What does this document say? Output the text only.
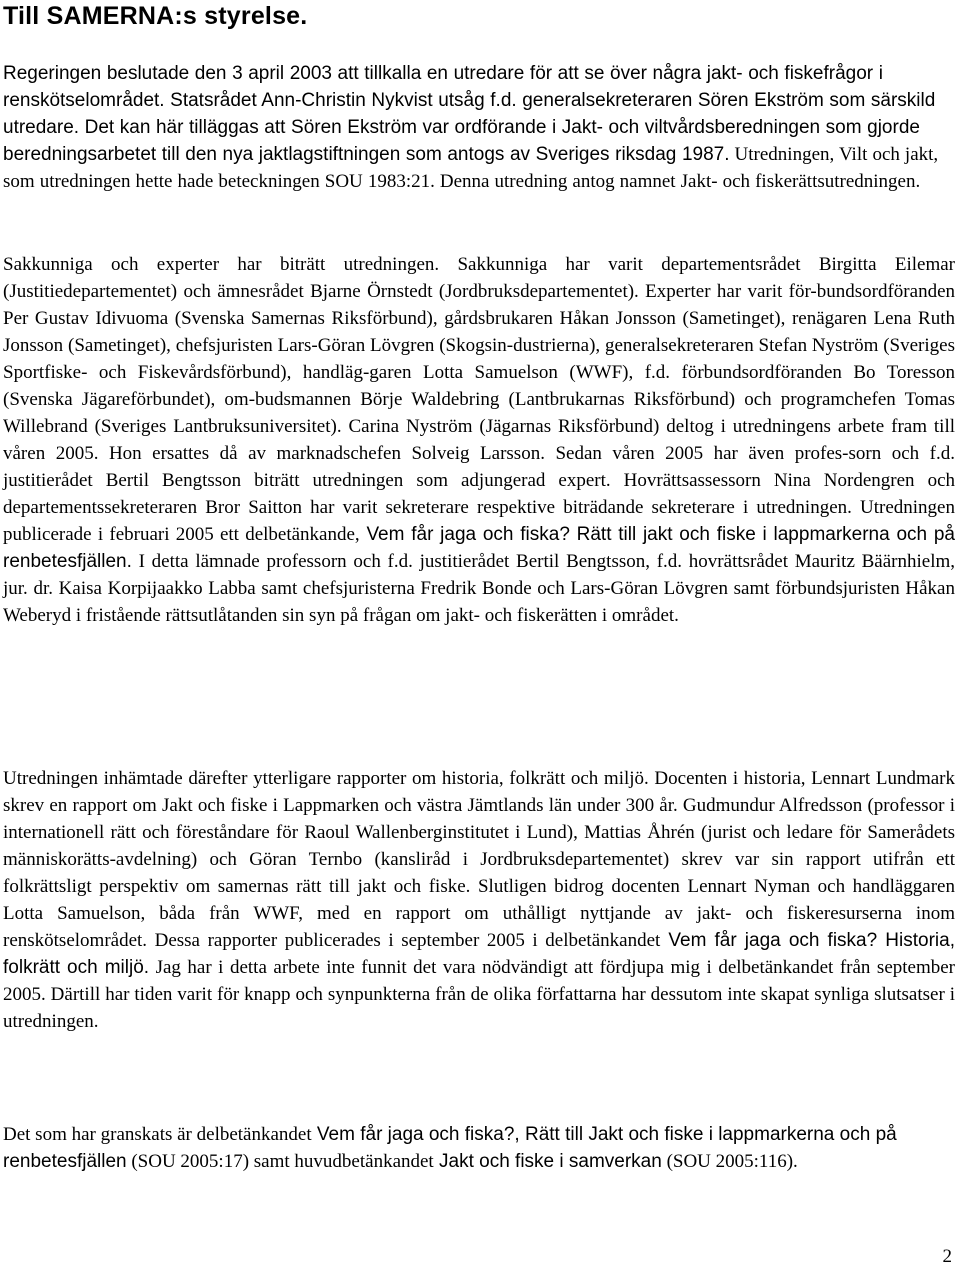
Till SAMERNA:s styrelse.

Regeringen beslutade den 3 april 2003 att tillkalla en utredare för att se över några jakt- och fiskefrågor i renskötselområdet. Statsrådet Ann-Christin Nykvist utsåg f.d. generalsekreteraren Sören Ekström som särskild utredare. Det kan här tilläggas att Sören Ekström var ordförande i Jakt- och viltvårdsberedningen som gjorde beredningsarbetet till den nya jaktlagstiftningen som antogs av Sveriges riksdag 1987. Utredningen, Vilt och jakt, som utredningen hette hade beteckningen SOU 1983:21. Denna utredning antog namnet Jakt- och fiskerättsutredningen.

Sakkunniga och experter har biträtt utredningen. Sakkunniga har varit departementsrådet Birgitta Eilemar (Justitiedepartementet) och ämnesrådet Bjarne Örnstedt (Jordbruksdepartementet). Experter har varit för-bundsordföranden Per Gustav Idivuoma (Svenska Samernas Riksförbund), gårdsbrukaren Håkan Jonsson (Sametinget), renägaren Lena Ruth Jonsson (Sametinget), chefsjuristen Lars-Göran Lövgren (Skogsin-dustrierna), generalsekreteraren Stefan Nyström (Sveriges Sportfiske- och Fiskevårdsförbund), handläg-garen Lotta Samuelson (WWF), f.d. förbundsordföranden Bo Toresson (Svenska Jägareförbundet), om-budsmannen Börje Waldebring (Lantbrukarnas Riksförbund) och programchefen Tomas Willebrand (Sveriges Lantbruksuniversitet). Carina Nyström (Jägarnas Riksförbund) deltog i utredningens arbete fram till våren 2005. Hon ersattes då av marknadschefen Solveig Larsson. Sedan våren 2005 har även profes-sorn och f.d. justitierådet Bertil Bengtsson biträtt utredningen som adjungerad expert. Hovrättsassessorn Nina Nordengren och departementssekreteraren Bror Saitton har varit sekreterare respektive biträdande sekreterare i utredningen. Utredningen publicerade i februari 2005 ett delbetänkande, Vem får jaga och fiska? Rätt till jakt och fiske i lappmarkerna och på renbetesfjällen. I detta lämnade professorn och f.d. justitierådet Bertil Bengtsson, f.d. hovrättsrådet Mauritz Bäärnhielm, jur. dr. Kaisa Korpijaakko Labba samt chefsjuristerna Fredrik Bonde och Lars-Göran Lövgren samt förbundsjuristen Håkan Weberyd i fristående rättsutlåtanden sin syn på frågan om jakt- och fiskerätten i området.

Utredningen inhämtade därefter ytterligare rapporter om historia, folkrätt och miljö. Docenten i historia, Lennart Lundmark skrev en rapport om Jakt och fiske i Lappmarken och västra Jämtlands län under 300 år. Gudmundur Alfredsson (professor i internationell rätt och föreståndare för Raoul Wallenberginstitutet i Lund), Mattias Åhrén (jurist och ledare för Samerådets människorätts-avdelning) och Göran Ternbo (kansliråd i Jordbruksdepartementet) skrev var sin rapport utifrån ett folkrättsligt perspektiv om samernas rätt till jakt och fiske. Slutligen bidrog docenten Lennart Nyman och handläggaren Lotta Samuelson, båda från WWF, med en rapport om uthålligt nyttjande av jakt- och fiskeresurserna inom renskötselområdet. Dessa rapporter publicerades i september 2005 i delbetänkandet Vem får jaga och fiska? Historia, folkrätt och miljö. Jag har i detta arbete inte funnit det vara nödvändigt att fördjupa mig i delbetänkandet från september 2005. Därtill har tiden varit för knapp och synpunkterna från de olika författarna har dessutom inte skapat synliga slutsatser i utredningen.

Det som har granskats är delbetänkandet Vem får jaga och fiska?, Rätt till Jakt och fiske i lappmarkerna och på renbetesfjällen (SOU 2005:17) samt huvudbetänkandet Jakt och fiske i samverkan (SOU 2005:116).

2
